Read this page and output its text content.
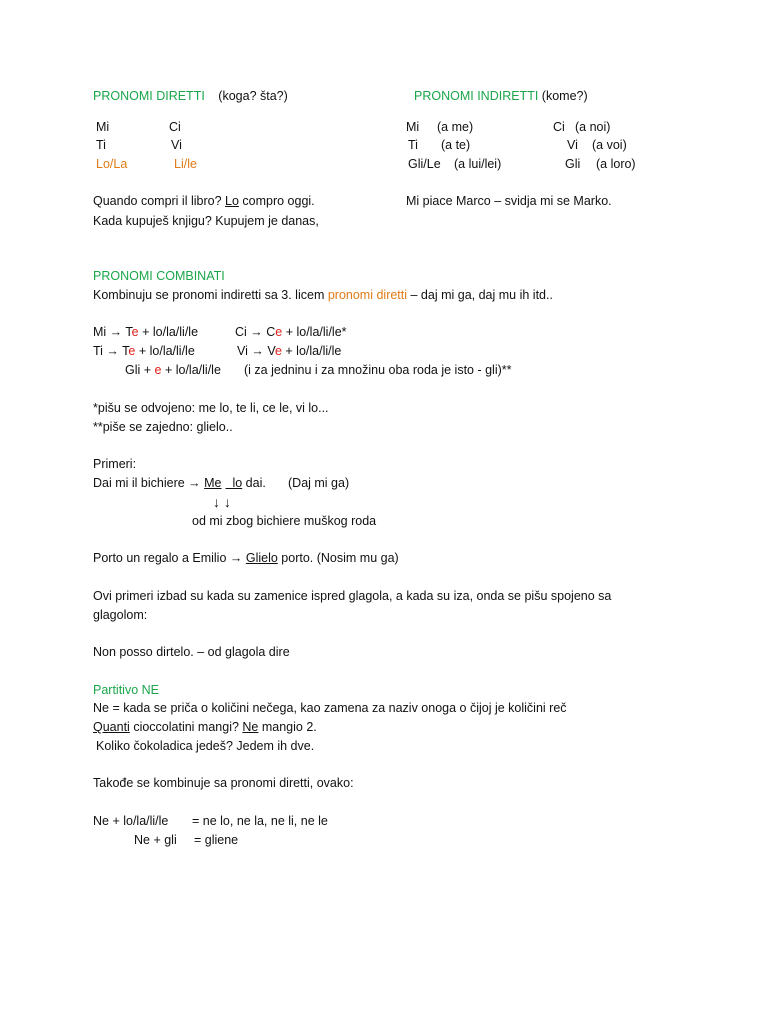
PRONOMI DIRETTI (koga? šta?)	PRONOMI INDIRETTI (kome?)
Mi	Ci
Ti	Vi
Lo/La	Li/le
Mi (a me)	Ci (a noi)
Ti (a te)	Vi (a voi)
Gli/Le (a lui/lei)	Gli (a loro)
Quando compri il libro? Lo compro oggi.
Kada kupuješ knjigu? Kupujem je danas,
Mi piace Marco – svidja mi se Marko.
PRONOMI COMBINATI
Kombinuju se pronomi indiretti sa 3. licem pronomi diretti – daj mi ga, daj mu ih itd..
Mi → Te + lo/la/li/le	Ci → Ce + lo/la/li/le*
Ti → Te + lo/la/li/le	Vi → Ve + lo/la/li/le
Gli + e + lo/la/li/le (i za jedninu i za množinu oba roda je isto - gli)**
*pišu se odvojeno: me lo, te li, ce le, vi lo...
**piše se zajedno: glielo..
Primeri:
Dai mi il bichiere → Me lo dai. (Daj mi ga)
↓ ↓
od mi zbog bichiere muškog roda
Porto un regalo a Emilio → Glielo porto. (Nosim mu ga)
Ovi primeri izbad su kada su zamenice ispred glagola, a kada su iza, onda se pišu spojeno sa
glagolom:
Non posso dirtelo. – od glagola dire
Partitivo NE
Ne = kada se priča o količini nečega, kao zamena za naziv onoga o čijoj je količini reč
Quanti cioccolatini mangi? Ne mangio 2.
Koliko čokoladica jedeš? Jedem ih dve.
Takođe se kombinuje sa pronomi diretti, ovako:
Ne + lo/la/li/le = ne lo, ne la, ne li, ne le
Ne + gli = gliene
